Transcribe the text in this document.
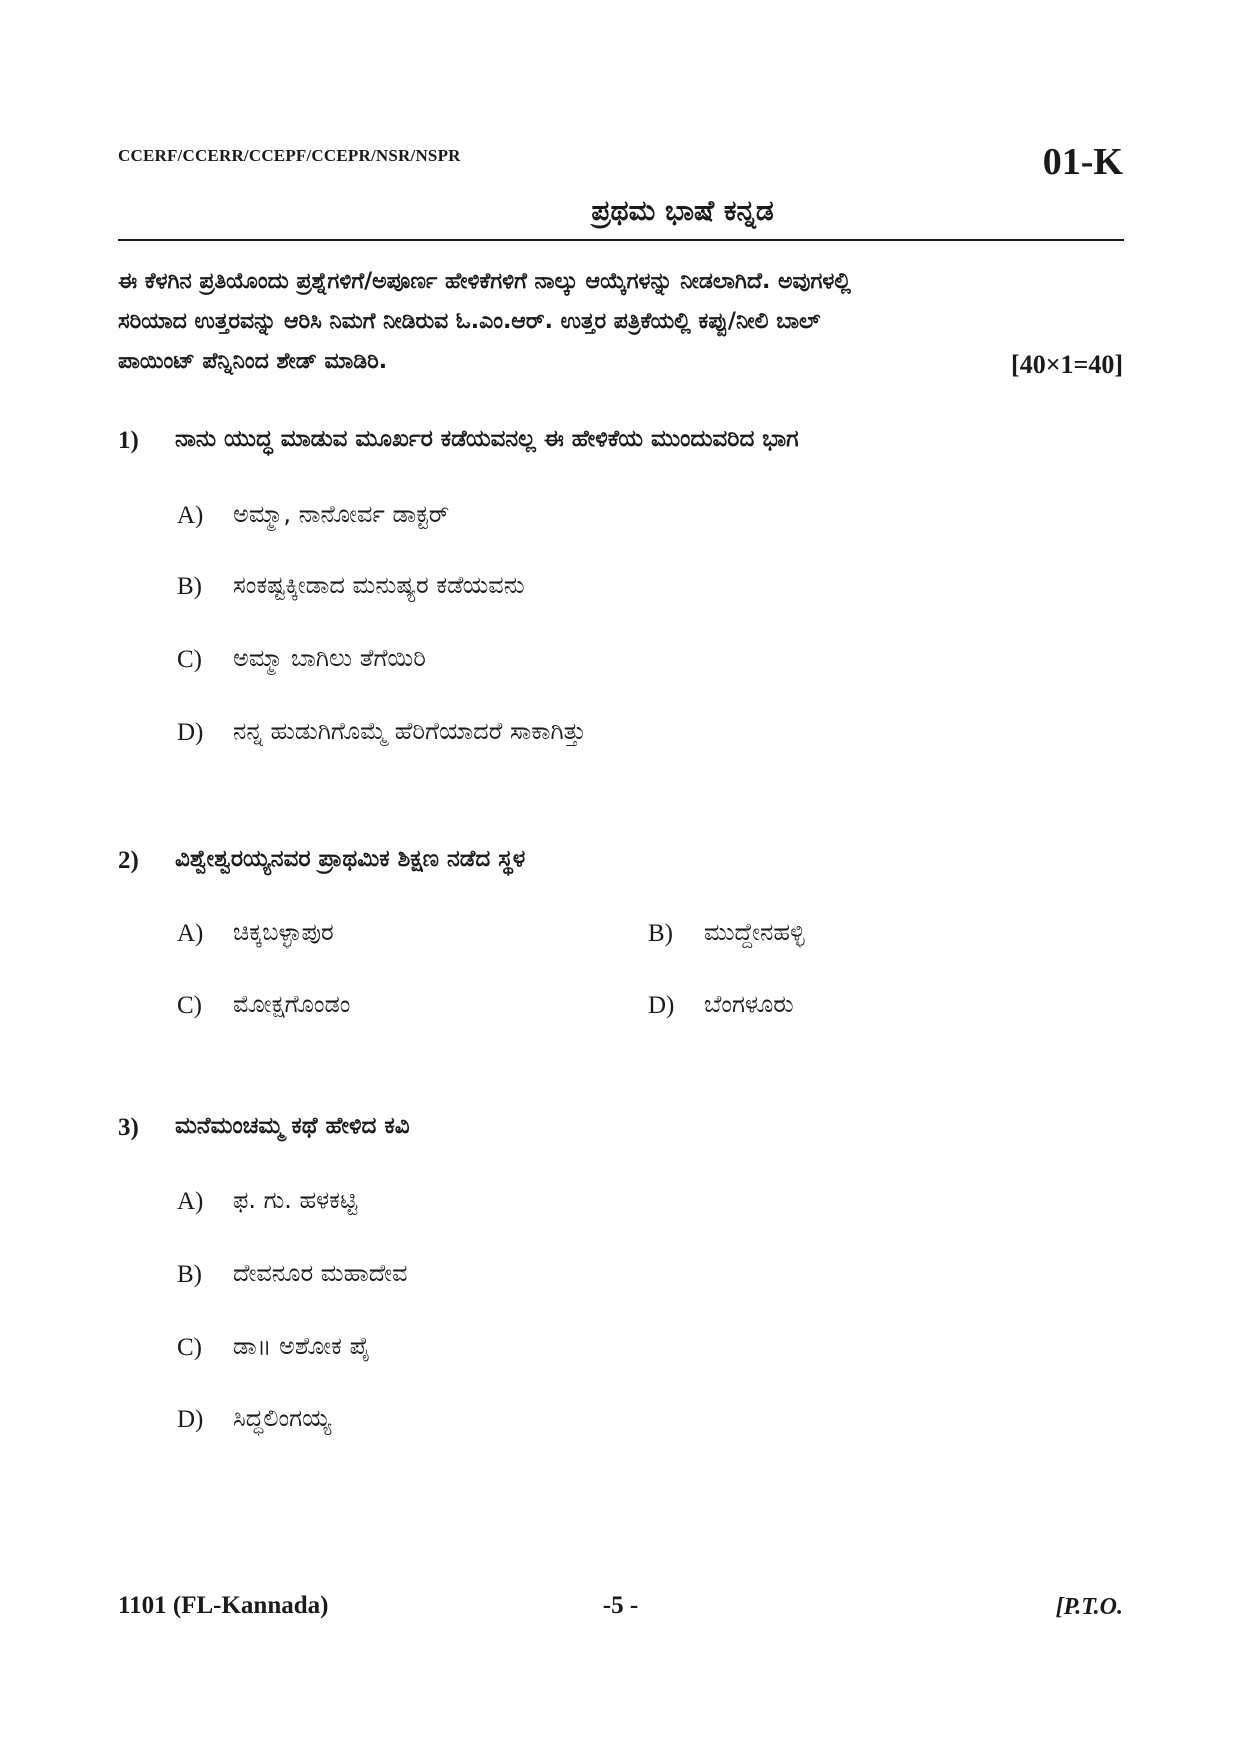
CCERF/CCERR/CCEPF/CCEPR/NSR/NSPR	01-K
ಪ್ರಥಮ ಭಾಷೆ ಕನ್ನಡ
ಈ ಕೆಳಗಿನ ಪ್ರತಿಯೊಂದು ಪ್ರಶ್ನೆಗಳಿಗೆ/ಅಪೂರ್ಣ ಹೇಳಿಕೆಗಳಿಗೆ ನಾಲ್ಕು ಆಯ್ಕೆಗಳನ್ನು ನೀಡಲಾಗಿದೆ. ಅವುಗಳಲ್ಲಿ
ಸರಿಯಾದ ಉತ್ತರವನ್ನು ಆರಿಸಿ ನಿಮಗೆ ನೀಡಿರುವ ಓ.ಎಂ.ಆರ್. ಉತ್ತರ ಪತ್ರಿಕೆಯಲ್ಲಿ ಕಪ್ಪು/ನೀಲಿ ಬಾಲ್
ಪಾಯಿಂಟ್ ಪೆನ್ನಿನಿಂದ ಶೇಡ್ ಮಾಡಿರಿ.	[40×1=40]
1) ನಾನು ಯುದ್ಧ ಮಾಡುವ ಮೂರ್ಖರ ಕಡೆಯವನಲ್ಲ ಈ ಹೇಳಿಕೆಯ ಮುಂದುವರಿದ ಭಾಗ
A) ಅಮ್ಮಾ, ನಾನೋರ್ವ ಡಾಕ್ಟರ್
B) ಸಂಕಷ್ಟಕ್ಕೀಡಾದ ಮನುಷ್ಯರ ಕಡೆಯವನು
C) ಅಮ್ಮಾ ಬಾಗಿಲು ತೆಗೆಯಿರಿ
D) ನನ್ನ ಹುಡುಗಿಗೊಮ್ಮೆ ಹೆರಿಗೆಯಾದರೆ ಸಾಕಾಗಿತ್ತು
2) ವಿಶ್ವೇಶ್ವರಯ್ಯನವರ ಪ್ರಾಥಮಿಕ ಶಿಕ್ಷಣ ನಡೆದ ಸ್ಥಳ
A) ಚಿಕ್ಕಬಳ್ಳಾಪುರ	B) ಮುದ್ದೇನಹಳ್ಳಿ
C) ಮೋಕ್ಷಗೊಂಡಂ	D) ಬೆಂಗಳೂರು
3) ಮನೆಮಂಚಮ್ಮ ಕಥೆ ಹೇಳಿದ ಕವಿ
A) ಫ. ಗು. ಹಳಕಟ್ಟಿ
B) ದೇವನೂರ ಮಹಾದೇವ
C) ಡಾ॥ ಅಶೋಕ ಪೈ
D) ಸಿದ್ಧಲಿಂಗಯ್ಯ
1101 (FL-Kannada)	-5 -	[P.T.O.
